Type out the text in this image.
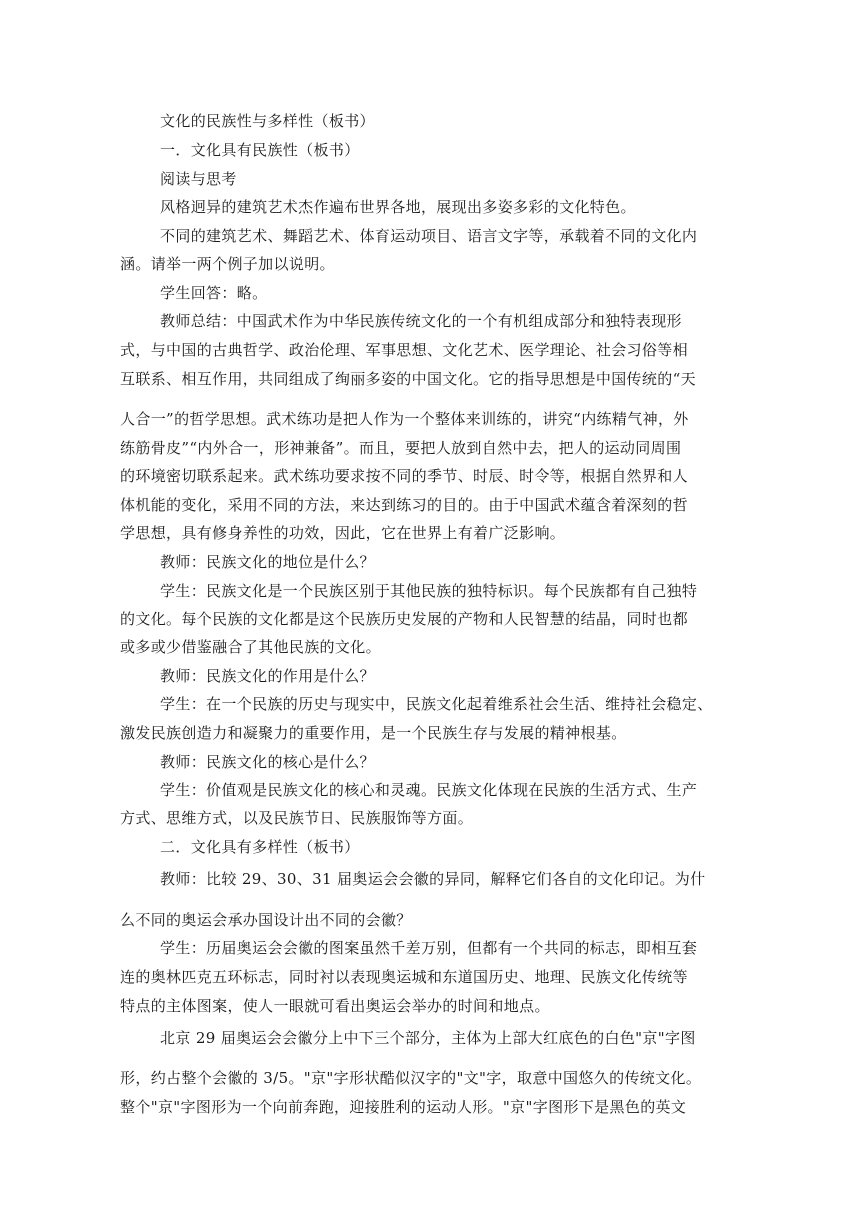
文化的民族性与多样性（板书）
一．文化具有民族性（板书）
阅读与思考
风格迥异的建筑艺术杰作遍布世界各地，展现出多姿多彩的文化特色。
不同的建筑艺术、舞蹈艺术、体育运动项目、语言文字等，承载着不同的文化内
涵。请举一两个例子加以说明。
学生回答：略。
教师总结：中国武术作为中华民族传统文化的一个有机组成部分和独特表现形
式，与中国的古典哲学、政治伦理、军事思想、文化艺术、医学理论、社会习俗等相
互联系、相互作用，共同组成了绚丽多姿的中国文化。它的指导思想是中国传统的“天
人合一”的哲学思想。武术练功是把人作为一个整体来训练的，讲究“内练精气神，外
练筋骨皮”“内外合一，形神兼备”。而且，要把人放到自然中去，把人的运动同周围
的环境密切联系起来。武术练功要求按不同的季节、时辰、时令等，根据自然界和人
体机能的变化，采用不同的方法，来达到练习的目的。由于中国武术蕴含着深刻的哲
学思想，具有修身养性的功效，因此，它在世界上有着广泛影响。
教师：民族文化的地位是什么？
学生：民族文化是一个民族区别于其他民族的独特标识。每个民族都有自己独特
的文化。每个民族的文化都是这个民族历史发展的产物和人民智慧的结晶，同时也都
或多或少借鉴融合了其他民族的文化。
教师：民族文化的作用是什么？
学生：在一个民族的历史与现实中，民族文化起着维系社会生活、维持社会稳定、
激发民族创造力和凝聚力的重要作用，是一个民族生存与发展的精神根基。
教师：民族文化的核心是什么？
学生：价值观是民族文化的核心和灵魂。民族文化体现在民族的生活方式、生产
方式、思维方式，以及民族节日、民族服饰等方面。
二．文化具有多样性（板书）
教师：比较 29、30、31 届奥运会会徽的异同，解释它们各自的文化印记。为什
么不同的奥运会承办国设计出不同的会徽？
学生：历届奥运会会徽的图案虽然千差万别，但都有一个共同的标志，即相互套
连的奥林匹克五环标志，同时衬以表现奥运城和东道国历史、地理、民族文化传统等
特点的主体图案，使人一眼就可看出奥运会举办的时间和地点。
北京 29 届奥运会会徽分上中下三个部分，主体为上部大红底色的白色"京"字图
形，约占整个会徽的 3/5。"京"字形状酷似汉字的"文"字，取意中国悠久的传统文化。
整个"京"字图形为一个向前奔跑，迎接胜利的运动人形。"京"字图形下是黑色的英文
